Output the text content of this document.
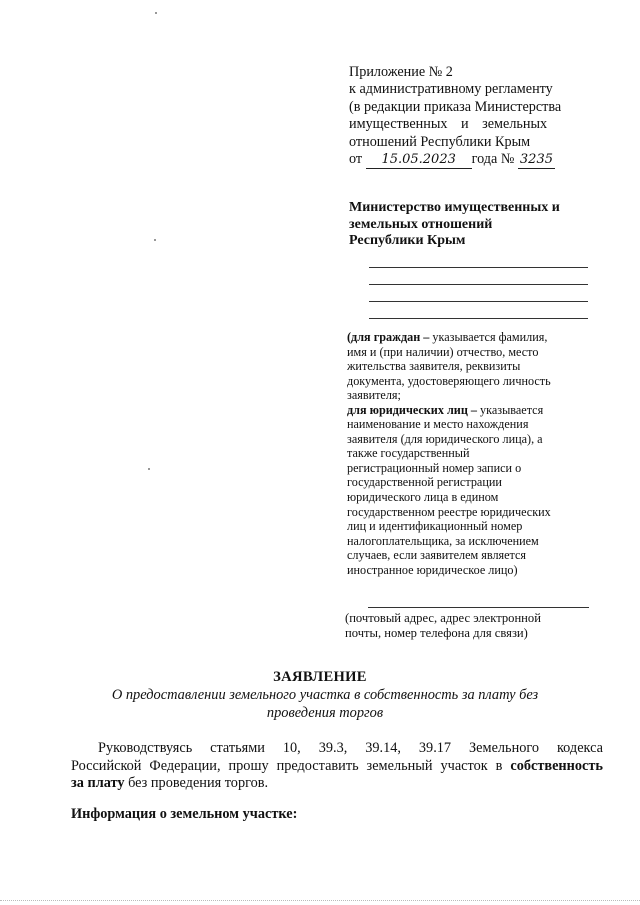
Приложение № 2
к административному регламенту
(в редакции приказа Министерства
имущественных и земельных
отношений Республики Крым
от 15.05.2023 года № 3235
Министерство имущественных и
земельных отношений
Республики Крым
(для граждан – указывается фамилия,
имя и (при наличии) отчество, место
жительства заявителя, реквизиты
документа, удостоверяющего личность
заявителя;
для юридических лиц – указывается
наименование и место нахождения
заявителя (для юридического лица), а
также государственный
регистрационный номер записи о
государственной регистрации
юридического лица в едином
государственном реестре юридических
лиц и идентификационный номер
налогоплательщика, за исключением
случаев, если заявителем является
иностранное юридическое лицо)
(почтовый адрес, адрес электронной
почты, номер телефона для связи)
ЗАЯВЛЕНИЕ
О предоставлении земельного участка в собственность за плату без
проведения торгов
Руководствуясь статьями 10, 39.3, 39.14, 39.17 Земельного кодекса
Российской Федерации, прошу предоставить земельный участок в собственность
за плату без проведения торгов.
Информация о земельном участке:
